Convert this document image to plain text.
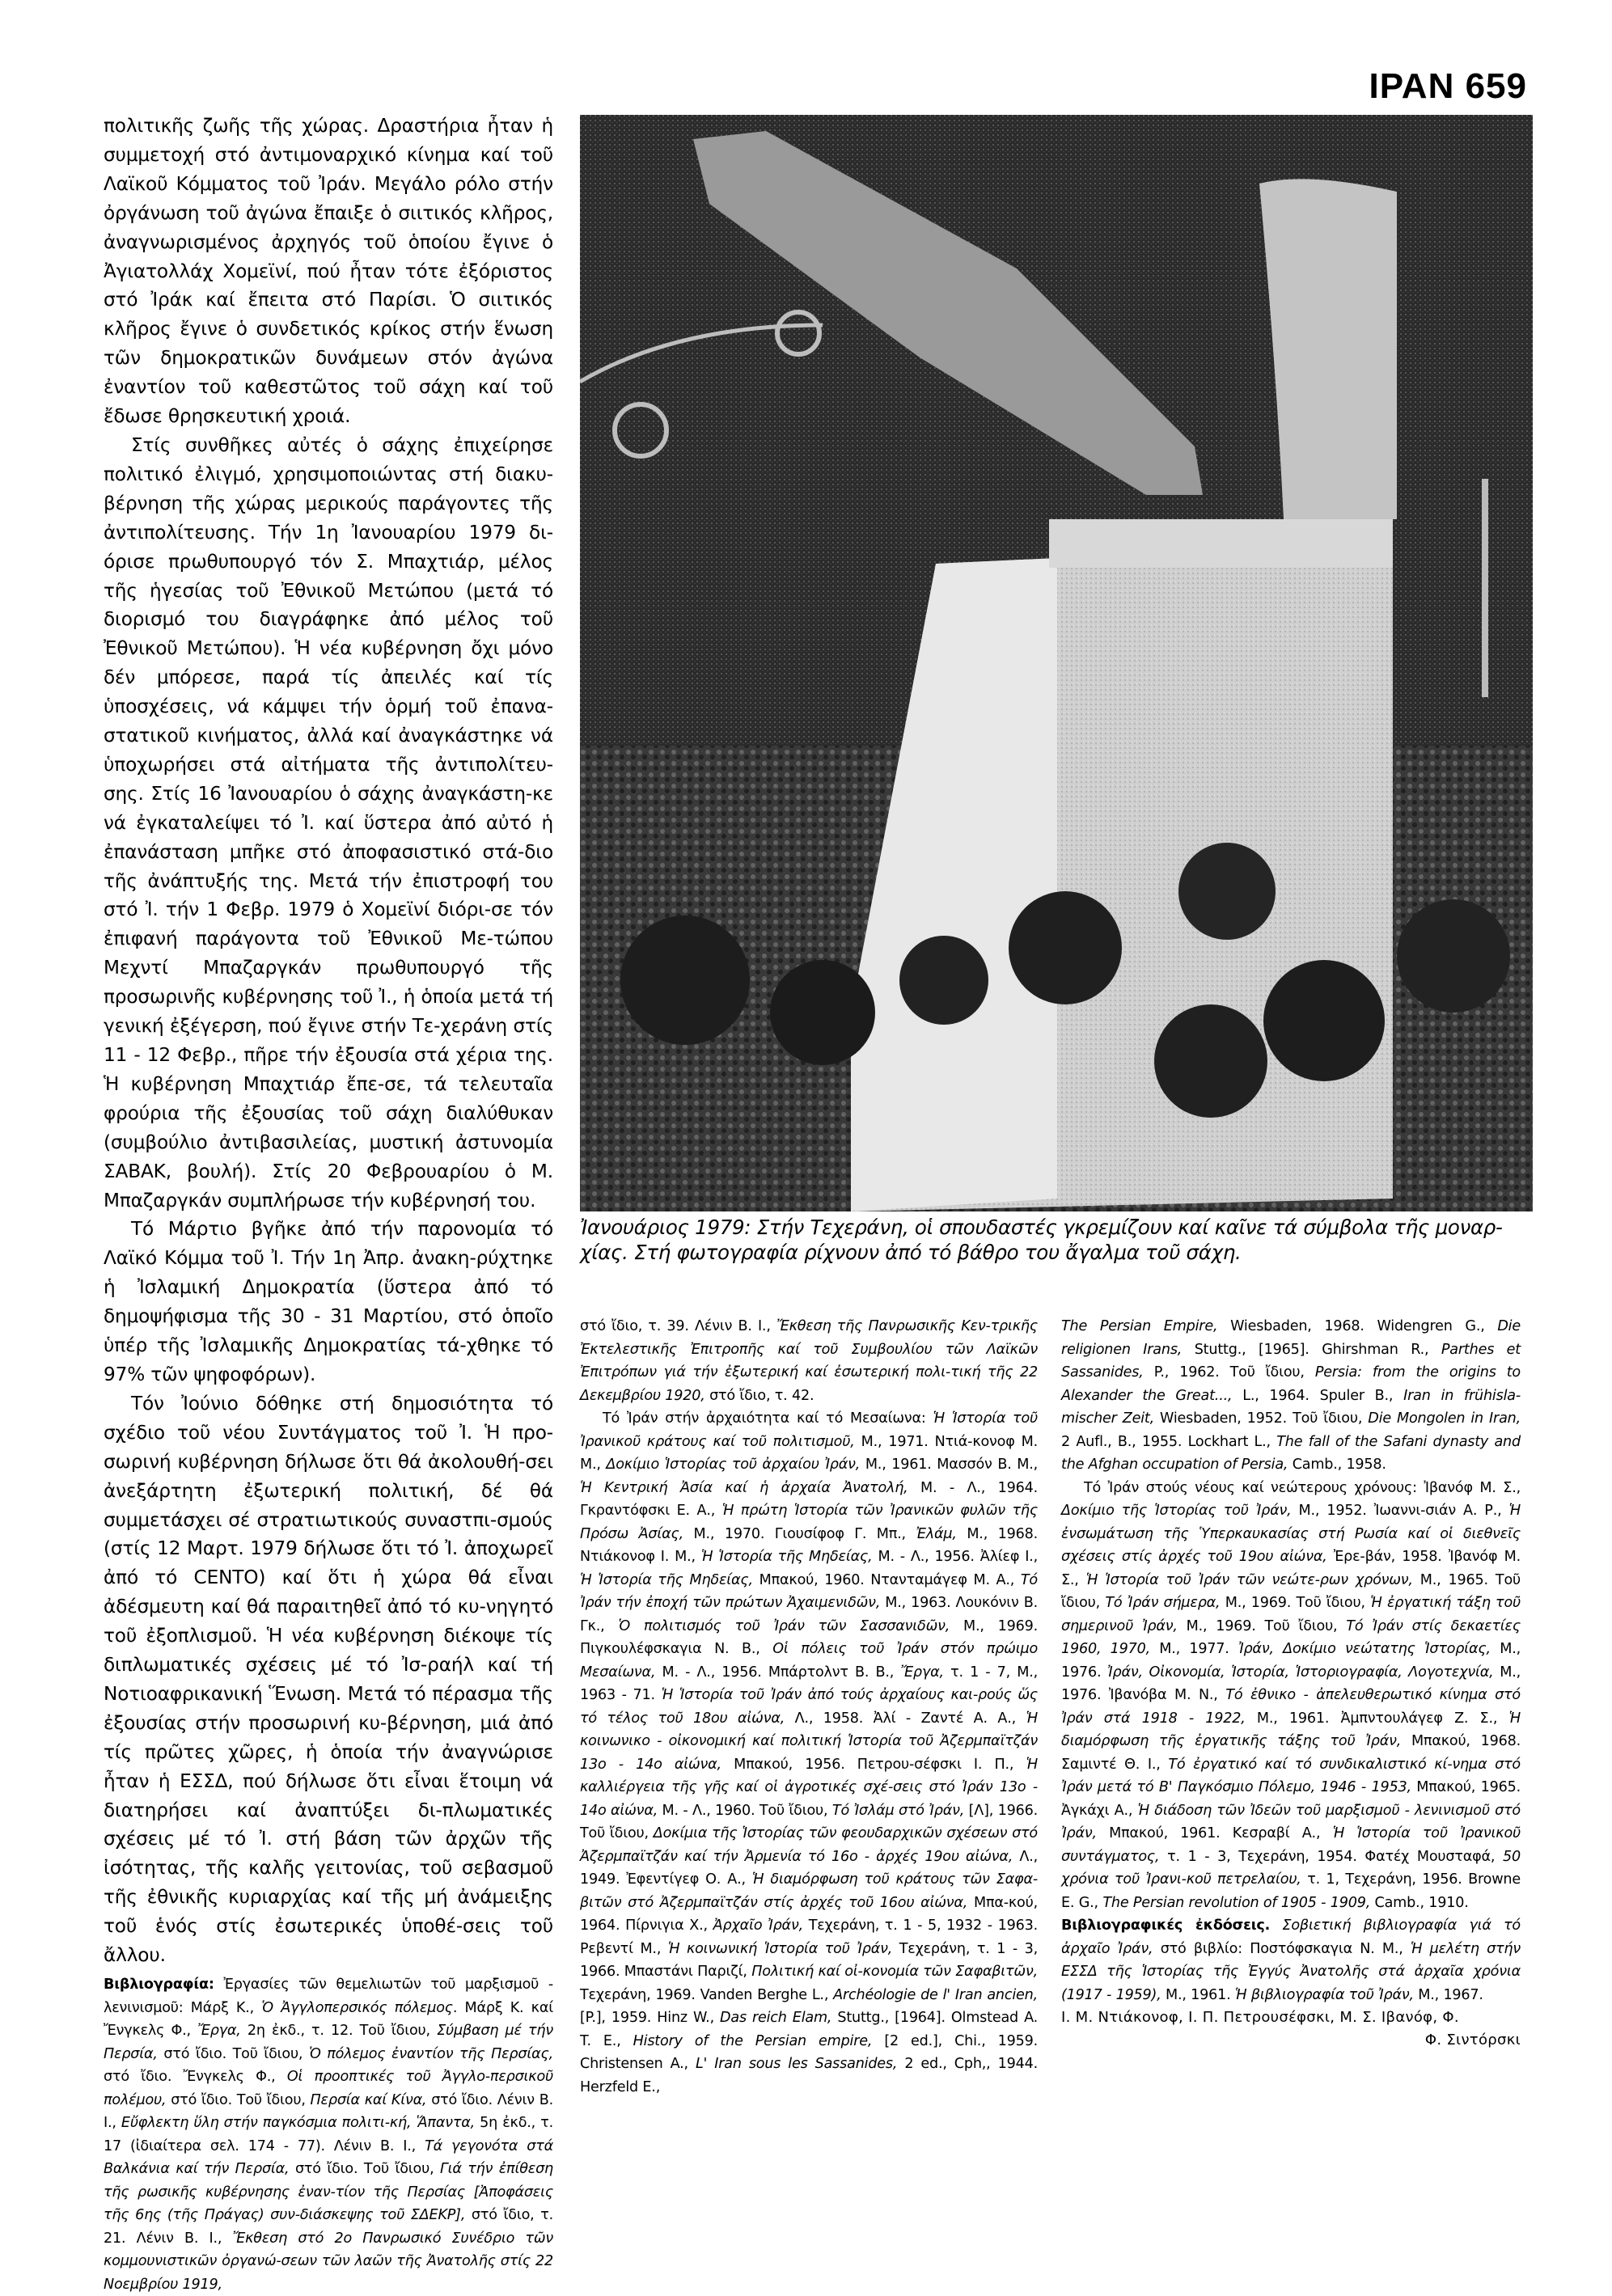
IPAN 659

πολιτικῆς ζωῆς τῆς χώρας. Δραστήρια ἦταν ἡ συμμετοχή στό ἀντιμοναρχικό κίνημα καί τοῦ Λαϊκοῦ Κόμματος τοῦ Ἰράν. Μεγάλο ρόλο στήν ὀργάνωση τοῦ ἀγώνα ἔπαιξε ὁ σιιτικός κλῆρος, ἀναγνωρισμένος ἀρχηγός τοῦ ὁποίου ἔγινε ὁ Ἀγιατολλάχ Χομεϊνί, πού ἦταν τότε ἐξόριστος στό Ἰράκ καί ἔπειτα στό Παρίσι. Ὁ σιιτικός κλῆρος ἔγινε ὁ συνδετικός κρίκος στήν ἕνωση τῶν δημοκρατικῶν δυνάμεων στόν ἀγώνα ἐναντίον τοῦ καθεστῶτος τοῦ σάχη καί τοῦ ἔδωσε θρησκευτική χροιά.

Στίς συνθῆκες αὐτές ὁ σάχης ἐπιχείρησε πολιτικό ἐλιγμό, χρησιμοποιώντας στή διακυ-βέρνηση τῆς χώρας μερικούς παράγοντες τῆς ἀντιπολίτευσης. Τήν 1η Ἰανουαρίου 1979 δι-όρισε πρωθυπουργό τόν Σ. Μπαχτιάρ, μέλος τῆς ἡγεσίας τοῦ Ἐθνικοῦ Μετώπου (μετά τό διορισμό του διαγράφηκε ἀπό μέλος τοῦ Ἐθνικοῦ Μετώπου). Ἡ νέα κυβέρνηση ὄχι μόνο δέν μπόρεσε, παρά τίς ἀπειλές καί τίς ὑποσχέσεις, νά κάμψει τήν ὁρμή τοῦ ἐπανα-στατικοῦ κινήματος, ἀλλά καί ἀναγκάστηκε νά ὑποχωρήσει στά αἰτήματα τῆς ἀντιπολίτευ-σης. Στίς 16 Ἰανουαρίου ὁ σάχης ἀναγκάστη-κε νά ἐγκαταλείψει τό Ἰ. καί ὕστερα ἀπό αὐτό ἡ ἐπανάσταση μπῆκε στό ἀποφασιστικό στά-διο τῆς ἀνάπτυξής της. Μετά τήν ἐπιστροφή του στό Ἰ. τήν 1 Φεβρ. 1979 ὁ Χομεϊνί διόρι-σε τόν ἐπιφανή παράγοντα τοῦ Ἐθνικοῦ Με-τώπου Μεχντί Μπαζαργκάν πρωθυπουργό τῆς προσωρινῆς κυβέρνησης τοῦ Ἰ., ἡ ὁποία μετά τή γενική ἐξέγερση, πού ἔγινε στήν Τε-χεράνη στίς 11 - 12 Φεβρ., πῆρε τήν ἐξουσία στά χέρια της. Ἡ κυβέρνηση Μπαχτιάρ ἔπε-σε, τά τελευταῖα φρούρια τῆς ἐξουσίας τοῦ σάχη διαλύθυκαν (συμβούλιο ἀντιβασιλείας, μυστική ἀστυνομία ΣΑΒΑΚ, βουλή). Στίς 20 Φεβρουαρίου ὁ Μ. Μπαζαργκάν συμπλήρωσε τήν κυβέρνησή του.

Τό Μάρτιο βγῆκε ἀπό τήν παρονομία τό Λαϊκό Κόμμα τοῦ Ἰ. Τήν 1η Ἀπρ. ἀνακη-ρύχτηκε ἡ Ἰσλαμική Δημοκρατία (ὕστερα ἀπό τό δημοψήφισμα τῆς 30 - 31 Μαρτίου, στό ὁποῖο ὑπέρ τῆς Ἰσλαμικῆς Δημοκρατίας τά-χθηκε τό 97% τῶν ψηφοφόρων).

Τόν Ἰούνιο δόθηκε στή δημοσιότητα τό σχέδιο τοῦ νέου Συντάγματος τοῦ Ἰ. Ἡ προ-σωρινή κυβέρνηση δήλωσε ὅτι θά ἀκολουθή-σει ἀνεξάρτητη ἐξωτερική πολιτική, δέ θά συμμετάσχει σέ στρατιωτικούς συναστπι-σμούς (στίς 12 Μαρτ. 1979 δήλωσε ὅτι τό Ἰ. ἀποχωρεῖ ἀπό τό CENTO) καί ὅτι ἡ χώρα θά εἶναι ἀδέσμευτη καί θά παραιτηθεῖ ἀπό τό κυ-νηγητό τοῦ ἐξοπλισμοῦ. Ἡ νέα κυβέρνηση διέκοψε τίς διπλωματικές σχέσεις μέ τό Ἰσ-ραήλ καί τή Νοτιοαφρικανική Ἕνωση. Μετά τό πέρασμα τῆς ἐξουσίας στήν προσωρινή κυ-βέρνηση, μιά ἀπό τίς πρῶτες χῶρες, ἡ ὁποία τήν ἀναγνώρισε ἦταν ἡ ΕΣΣΔ, πού δήλωσε ὅτι εἶναι ἕτοιμη νά διατηρήσει καί ἀναπτύξει δι-πλωματικές σχέσεις μέ τό Ἰ. στή βάση τῶν ἀρχῶν τῆς ἰσότητας, τῆς καλῆς γειτονίας, τοῦ σεβασμοῦ τῆς ἐθνικῆς κυριαρχίας καί τῆς μή ἀνάμειξης τοῦ ἑνός στίς ἐσωτερικές ὑποθέ-σεις τοῦ ἄλλου.

Βιβλιογραφία: Ἐργασίες τῶν θεμελιωτῶν τοῦ μαρξισμοῦ - λενινισμοῦ: Μάρξ Κ., Ὁ Ἀγγλοπερσικός πόλεμος. Μάρξ Κ. καί Ἔνγκελς Φ., Ἔργα, 2η ἐκδ., τ. 12. Τοῦ ἴδιου, Σύμβαση μέ τήν Περσία, στό ἴδιο. Τοῦ ἴδιου, Ὁ πόλεμος ἐναντίον τῆς Περσίας, στό ἴδιο. Ἔνγκελς Φ., Οἱ προοπτικές τοῦ Ἀγγλο-περσικοῦ πολέμου, στό ἴδιο. Τοῦ ἴδιου, Περσία καί Κίνα, στό ἴδιο. Λένιν Β. Ι., Εὔφλεκτη ὕλη στήν παγκόσμια πολιτι-κή, Ἅπαντα, 5η ἐκδ., τ. 17 (ἰδιαίτερα σελ. 174 - 77). Λένιν Β. Ι., Τά γεγονότα στά Βαλκάνια καί τήν Περσία, στό ἴδιο. Τοῦ ἴδιου, Γιά τήν ἐπίθεση τῆς ρωσικῆς κυβέρνησης ἐναν-τίον τῆς Περσίας [Ἀποφάσεις τῆς 6ης (τῆς Πράγας) συν-διάσκεψης τοῦ ΣΔΕΚΡ], στό ἴδιο, τ. 21. Λένιν Β. Ι., Ἔκθεση στό 2ο Πανρωσικό Συνέδριο τῶν κομμουνιστικῶν ὀργανώ-σεων τῶν λαῶν τῆς Ἀνατολῆς στίς 22 Νοεμβρίου 1919,

Ἰανουάριος 1979: Στήν Τεχεράνη, οἱ σπουδαστές γκρεμίζουν καί καῖνε τά σύμβολα τῆς μοναρ-χίας. Στή φωτογραφία ρίχνουν ἀπό τό βάθρο του ἄγαλμα τοῦ σάχη.

στό ἴδιο, τ. 39. Λένιν Β. Ι., Ἔκθεση τῆς Πανρωσικῆς Κεν-τρικῆς Ἐκτελεστικῆς Ἐπιτροπῆς καί τοῦ Συμβουλίου τῶν Λαϊκῶν Ἐπιτρόπων γιά τήν ἐξωτερική καί ἐσωτερική πολι-τική τῆς 22 Δεκεμβρίου 1920, στό ἴδιο, τ. 42.

Τό Ἰράν στήν ἀρχαιότητα καί τό Μεσαίωνα: Ἡ Ἱστορία τοῦ Ἰρανικοῦ κράτους καί τοῦ πολιτισμοῦ, Μ., 1971. Ντιά-κονοφ Μ. Μ., Δοκίμιο Ἱστορίας τοῦ ἀρχαίου Ἰράν, Μ., 1961. Μασσόν Β. Μ., Ἡ Κεντρική Ἀσία καί ἡ ἀρχαία Ἀνατολή, Μ. - Λ., 1964. Γκραντόφσκι Ε. Α., Ἡ πρώτη Ἱστορία τῶν Ἰρανικῶν φυλῶν τῆς Πρόσω Ἀσίας, Μ., 1970. Γιουσίφοφ Γ. Μπ., Ἐλάμ, Μ., 1968. Ντιάκονοφ Ι. Μ., Ἡ Ἱστορία τῆς Μηδείας, Μ. - Λ., 1956. Ἀλίεφ Ι., Ἡ Ἱστορία τῆς Μηδείας, Μπακού, 1960. Ντανταμάγεφ Μ. Α., Τό Ἰράν τήν ἐποχή τῶν πρώτων Ἀχαιμενιδῶν, Μ., 1963. Λουκόνιν Β. Γκ., Ὁ πολιτισμός τοῦ Ἰράν τῶν Σασσανιδῶν, Μ., 1969. Πιγκουλέφσκαγια Ν. Β., Οἱ πόλεις τοῦ Ἰράν στόν πρώιμο Μεσαίωνα, Μ. - Λ., 1956. Μπάρτολντ Β. Β., Ἔργα, τ. 1 - 7, Μ., 1963 - 71. Ἡ Ἱστορία τοῦ Ἰράν ἀπό τούς ἀρχαίους και-ρούς ὥς τό τέλος τοῦ 18ου αἰώνα, Λ., 1958. Ἀλί - Ζαντέ Α. Α., Ἡ κοινωνικο - οἰκονομική καί πολιτική Ἱστορία τοῦ Ἀζερμπαϊτζάν 13ο - 14ο αἰώνα, Μπακού, 1956. Πετρου-σέφσκι Ι. Π., Ἡ καλλιέργεια τῆς γῆς καί οἱ ἀγροτικές σχέ-σεις στό Ἰράν 13ο - 14ο αἰώνα, Μ. - Λ., 1960. Τοῦ ἴδιου, Τό Ἰσλάμ στό Ἰράν, [Λ], 1966. Τοῦ ἴδιου, Δοκίμια τῆς Ἱστορίας τῶν φεουδαρχικῶν σχέσεων στό Ἀζερμπαϊτζάν καί τήν Ἀρμενία τό 16ο - ἀρχές 19ου αἰώνα, Λ., 1949. Ἐφεντίγεφ Ο. Α., Ἡ διαμόρφωση τοῦ κράτους τῶν Σαφα-βιτῶν στό Ἀζερμπαϊτζάν στίς ἀρχές τοῦ 16ου αἰώνα, Μπα-κού, 1964. Πίρνιγια Χ., Ἀρχαῖο Ἰράν, Τεχεράνη, τ. 1 - 5, 1932 - 1963. Ρεβεντί Μ., Ἡ κοινωνική Ἱστορία τοῦ Ἰράν, Τεχεράνη, τ. 1 - 3, 1966. Μπαστάνι Παριζί, Πολιτική καί οἰ-κονομία τῶν Σαφαβιτῶν, Τεχεράνη, 1969. Vanden Berghe L., Archéologie de l' Iran ancien, [P.], 1959. Hinz W., Das reich Elam, Stuttg., [1964]. Olmstead A. T. E., History of the Persian empire, [2 ed.], Chi., 1959. Christensen A., L' Iran sous les Sassanides, 2 ed., Cph,, 1944. Herzfeld E.,

The Persian Empire, Wiesbaden, 1968. Widengren G., Die religionen Irans, Stuttg., [1965]. Ghirshman R., Parthes et Sassanides, P., 1962. Τοῦ ἴδιου, Persia: from the origins to Alexander the Great..., L., 1964. Spuler B., Iran in frühisla-mischer Zeit, Wiesbaden, 1952. Τοῦ ἴδιου, Die Mongolen in Iran, 2 Aufl., B., 1955. Lockhart L., The fall of the Safani dynasty and the Afghan occupation of Persia, Camb., 1958.

Τό Ἰράν στούς νέους καί νεώτερους χρόνους: Ἰβανόφ Μ. Σ., Δοκίμιο τῆς Ἱστορίας τοῦ Ἰράν, Μ., 1952. Ἰωαννι-σιάν Α. Ρ., Ἡ ἐνσωμάτωση τῆς Ὑπερκαυκασίας στή Ρωσία καί οἱ διεθνεῖς σχέσεις στίς ἀρχές τοῦ 19ου αἰώνα, Ἐρε-βάν, 1958. Ἰβανόφ Μ. Σ., Ἡ Ἱστορία τοῦ Ἰράν τῶν νεώτε-ρων χρόνων, Μ., 1965. Τοῦ ἴδιου, Τό Ἰράν σήμερα, Μ., 1969. Τοῦ ἴδιου, Ἡ ἐργατική τάξη τοῦ σημερινοῦ Ἰράν, Μ., 1969. Τοῦ ἴδιου, Τό Ἰράν στίς δεκαετίες 1960, 1970, Μ., 1977. Ἰράν, Δοκίμιο νεώτατης Ἱστορίας, Μ., 1976. Ἰράν, Οἰκονομία, Ἱστορία, Ἱστοριογραφία, Λογοτεχνία, Μ., 1976. Ἰβανόβα Μ. Ν., Τό ἐθνικο - ἀπελευθερωτικό κίνημα στό Ἰράν στά 1918 - 1922, Μ., 1961. Ἀμπντουλάγεφ Ζ. Σ., Ἡ διαμόρφωση τῆς ἐργατικῆς τάξης τοῦ Ἰράν, Μπακού, 1968. Σαμιντέ Θ. Ι., Τό ἐργατικό καί τό συνδικαλιστικό κί-νημα στό Ἰράν μετά τό Β' Παγκόσμιο Πόλεμο, 1946 - 1953, Μπακού, 1965. Ἀγκάχι Α., Ἡ διάδοση τῶν Ἰδεῶν τοῦ μαρξισμοῦ - λενινισμοῦ στό Ἰράν, Μπακού, 1961. Κεσραβί Α., Ἡ Ἱστορία τοῦ Ἰρανικοῦ συντάγματος, τ. 1 - 3, Τεχεράνη, 1954. Φατέχ Μουσταφά, 50 χρόνια τοῦ Ἰρανι-κοῦ πετρελαίου, τ. 1, Τεχεράνη, 1956. Browne E. G., The Persian revolution of 1905 - 1909, Camb., 1910.

Βιβλιογραφικές ἐκδόσεις. Σοβιετική βιβλιογραφία γιά τό ἀρχαῖο Ἰράν, στό βιβλίο: Ποστόφσκαγια Ν. Μ., Ἡ μελέτη στήν ΕΣΣΔ τῆς Ἱστορίας τῆς Ἐγγύς Ἀνατολῆς στά ἀρχαῖα χρόνια (1917 - 1959), Μ., 1961. Ἡ βιβλιογραφία τοῦ Ἰράν, Μ., 1967.

Ι. Μ. Ντιάκονοφ, Ι. Π. Πετρουσέφσκι, Μ. Σ. Ιβανόφ, Φ.
Φ. Σιντόρσκι
